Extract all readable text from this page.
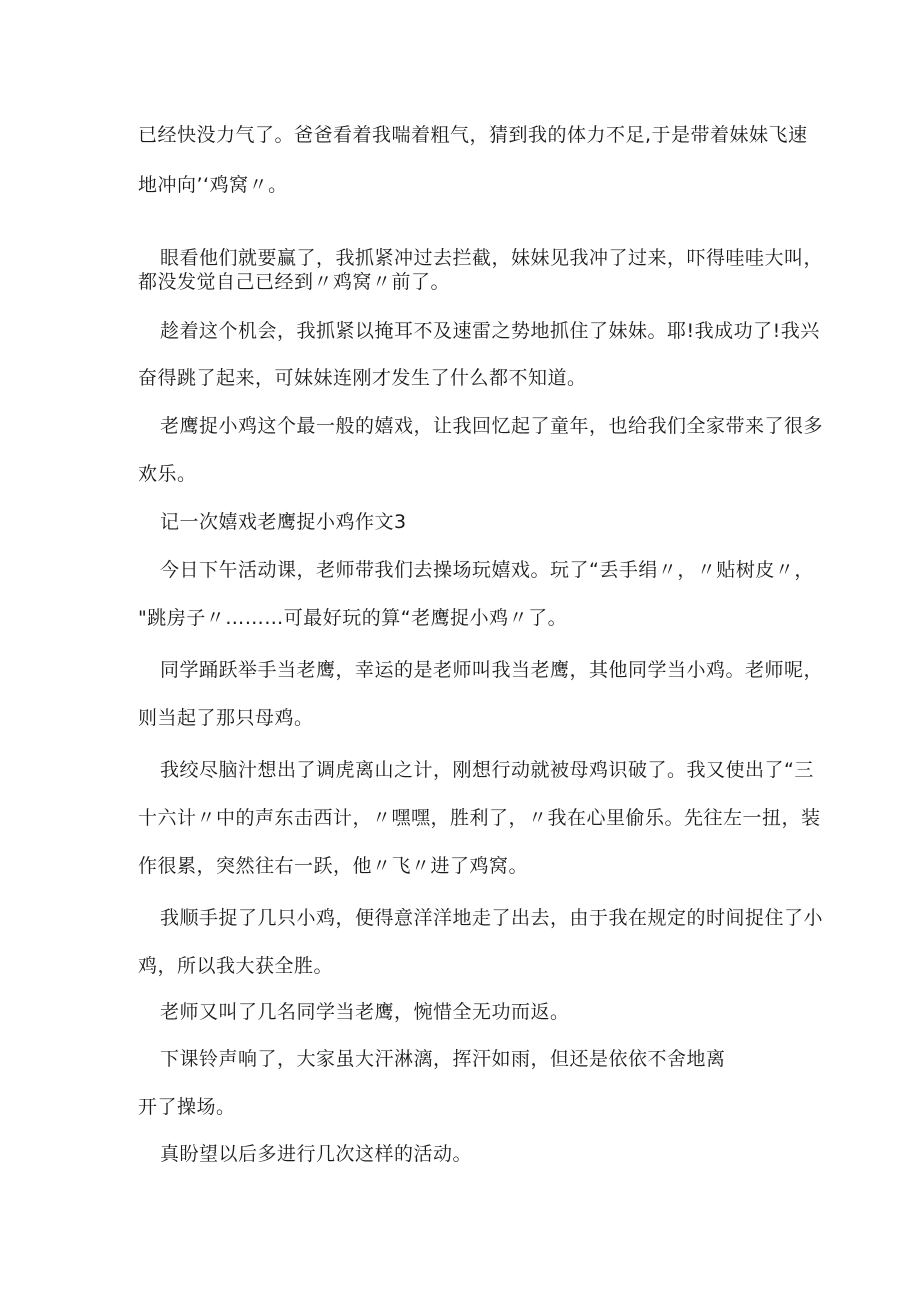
已经快没力气了。爸爸看着我喘着粗气，猜到我的体力不足,于是带着妹妹飞速
地冲向’‘鸡窝〃。
眼看他们就要赢了，我抓紧冲过去拦截，妹妹见我冲了过来，吓得哇哇大叫，
都没发觉自己已经到〃鸡窝〃前了。
趁着这个机会，我抓紧以掩耳不及速雷之势地抓住了妹妹。耶!我成功了!我兴
奋得跳了起来，可妹妹连刚才发生了什么都不知道。
老鹰捉小鸡这个最一般的嬉戏，让我回忆起了童年，也给我们全家带来了很多
欢乐。
记一次嬉戏老鹰捉小鸡作文3
今日下午活动课，老师带我们去操场玩嬉戏。玩了“丢手绢〃，〃贴树皮〃，
"跳房子〃………可最好玩的算“老鹰捉小鸡〃了。
同学踊跃举手当老鹰，幸运的是老师叫我当老鹰，其他同学当小鸡。老师呢，
则当起了那只母鸡。
我绞尽脑汁想出了调虎离山之计，刚想行动就被母鸡识破了。我又使出了“三
十六计〃中的声东击西计，〃嘿嘿，胜利了，〃我在心里偷乐。先往左一扭，装
作很累，突然往右一跃，他〃飞〃进了鸡窝。
我顺手捉了几只小鸡，便得意洋洋地走了出去，由于我在规定的时间捉住了小
鸡，所以我大获全胜。
老师又叫了几名同学当老鹰，惋惜全无功而返。
下课铃声响了，大家虽大汗淋漓，挥汗如雨，但还是依依不舍地离
开了操场。
真盼望以后多进行几次这样的活动。
